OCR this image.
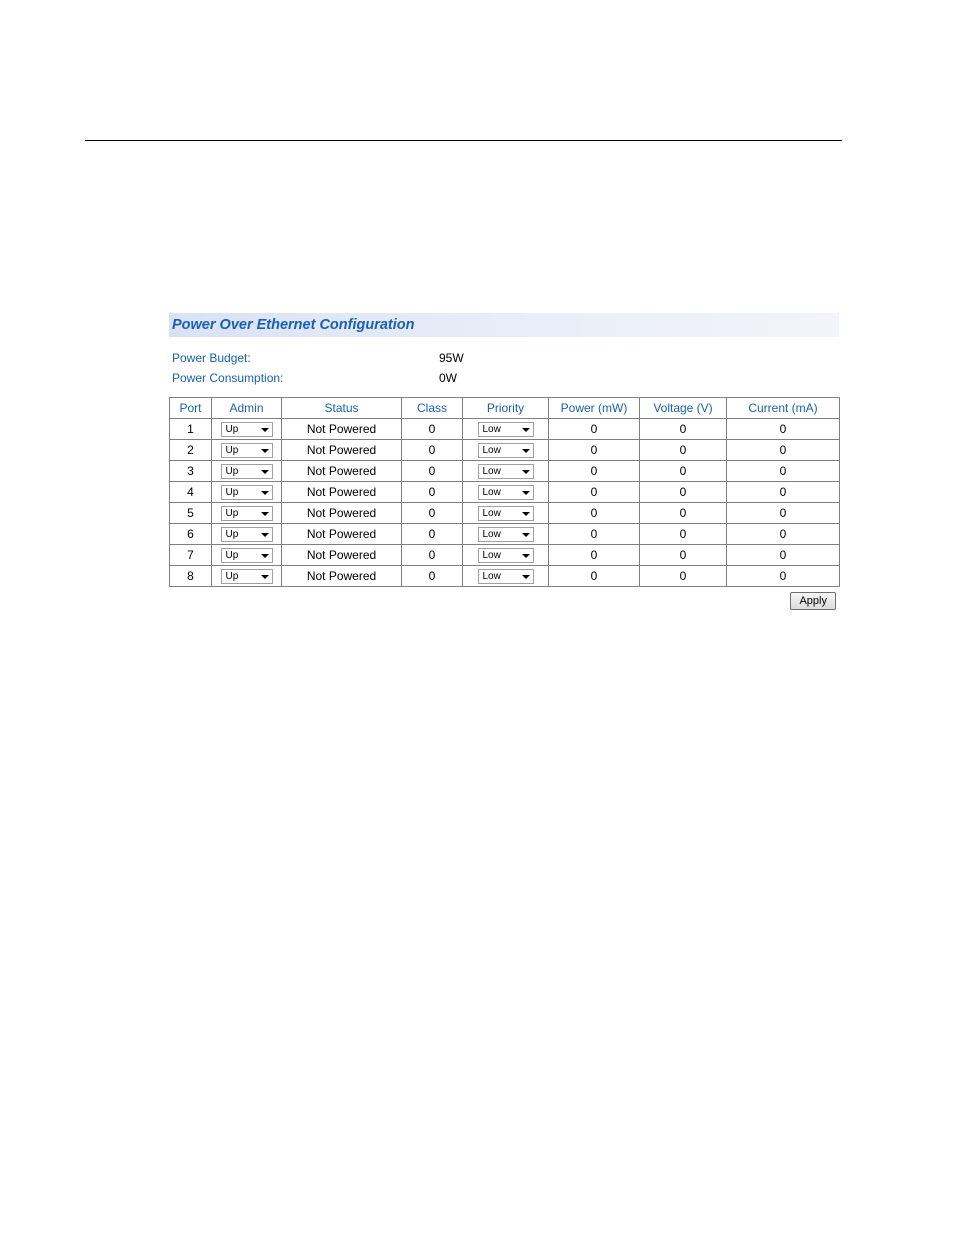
Power Over Ethernet Configuration
Power Budget:	95W
Power Consumption:	0W
Port	Admin	Status	Class	Priority	Power (mW)	Voltage (V)	Current (mA)
1	Up	Not Powered	0	Low	0	0	0
2	Up	Not Powered	0	Low	0	0	0
3	Up	Not Powered	0	Low	0	0	0
4	Up	Not Powered	0	Low	0	0	0
5	Up	Not Powered	0	Low	0	0	0
6	Up	Not Powered	0	Low	0	0	0
7	Up	Not Powered	0	Low	0	0	0
8	Up	Not Powered	0	Low	0	0	0
Apply
